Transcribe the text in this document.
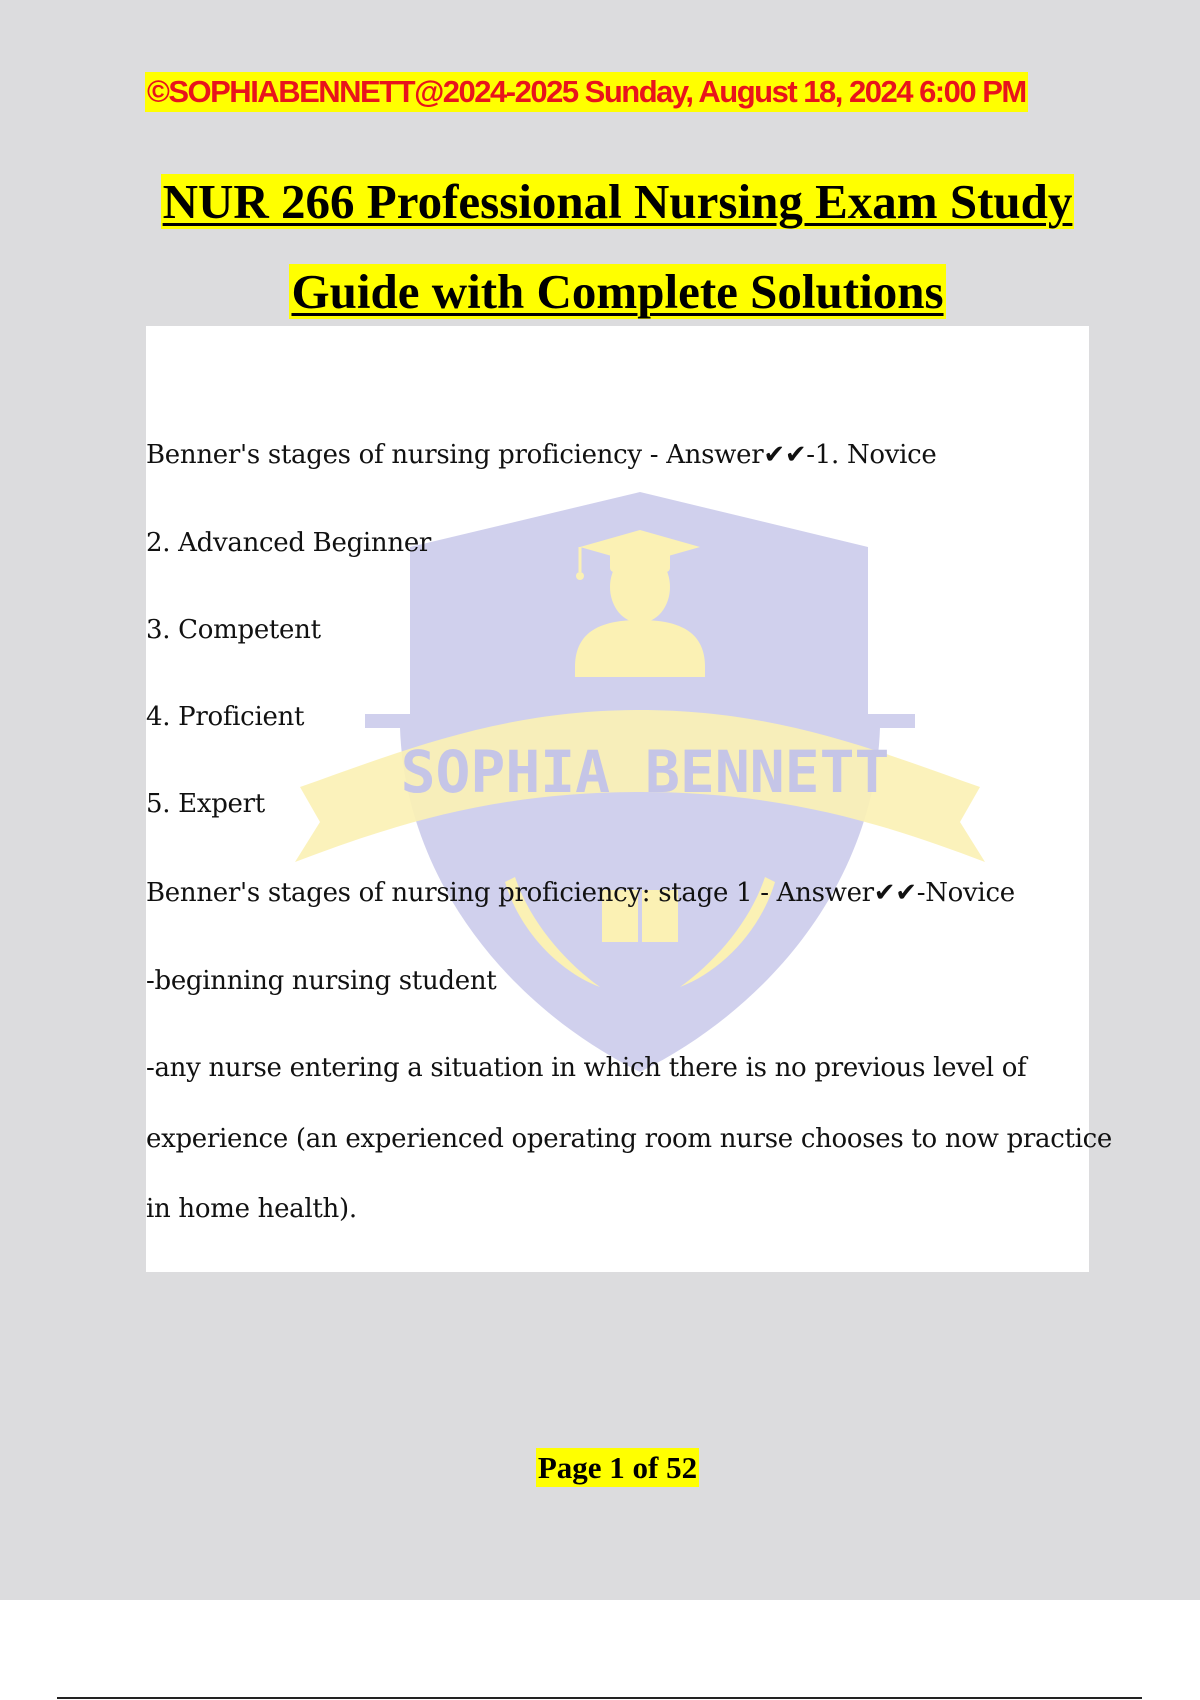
©SOPHIABENNETT@2024-2025 Sunday, August 18, 2024 6:00 PM
NUR 266 Professional Nursing Exam Study
Guide with Complete Solutions
SOPHIA BENNETT
Benner's stages of nursing proficiency - Answer✔✔-1. Novice
2. Advanced Beginner
3. Competent
4. Proficient
5. Expert
Benner's stages of nursing proficiency: stage 1 - Answer✔✔-Novice
-beginning nursing student
-any nurse entering a situation in which there is no previous level of
experience (an experienced operating room nurse chooses to now practice
in home health).
Page 1 of 52
